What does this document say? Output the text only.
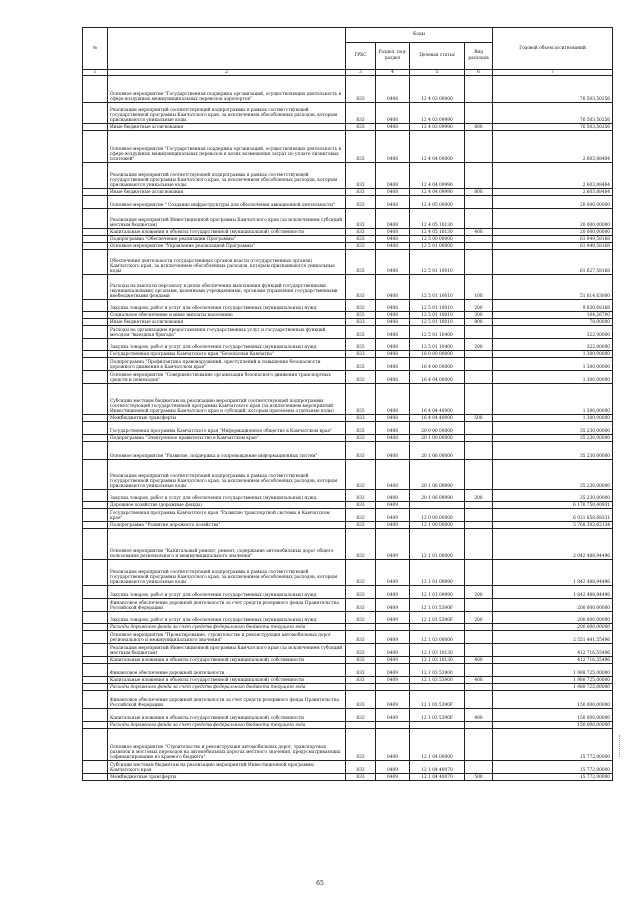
№		Коды				Годовой объем ассигнований
		ГРБС	Раздел, под-раздел	Целевая статья	Вид расходов	
1	2	3	4	5	6	7
	Основное мероприятие "Государственная поддержка организаций, осуществляющих деятельность в сфере воздушных межмуниципальных перевозок аэропортов"	833	0408	12 4 03 00000		76 503,50256
	Реализация мероприятий соответствующей подпрограммы в рамках соответствующей государственной программы Камчатского края, за исключением обособленных расходов, которым присваиваются уникальные коды	833	0408	12 4 03 09990		76 503,50256
	Иные бюджетные ассигнования	833	0408	12 4 03 09990	800	76 503,50256
	Основное мероприятие "Государственная поддержка организаций, осуществляющих деятельность в сфере воздушных межмуниципальных перевозок в целях возмещения затрат по уплате лизинговых платежей"	833	0408	12 4 04 00000		2 603,88484
	Реализация мероприятий соответствующей подпрограммы в рамках соответствующей государственной программы Камчатского края, за исключением обособленных расходов, которым присваиваются уникальные коды	833	0408	12 4 04 09990		2 603,88484
	Иные бюджетные ассигнования	833	0408	12 4 04 09990	800	2 603,88484
	Основное мероприятие " Создание инфраструктуры для обеспечения авиационной деятельности"	833	0408	12 4 05 00000		20 000,00000
	Реализация мероприятий Инвестиционной программы Камчатского края (за исключением субсидий местным бюджетам)	833	0408	12 4 05 10130		20 000,00000
	Капитальные вложения в объекты государственной (муниципальной) собственности	833	0408	12 4 05 10130	400	20 000,00000
	Подпрограмма "Обеспечение реализации Программы"	833	0408	12 5 00 00000		61 949,58168
	Основное мероприятие "Управление реализацией Программы"	833	0408	12 5 01 00000		61 949,58168
	Обеспечение деятельности государственных органов власти (государственных органов) Камчатского края, за исключением обособленных расходов, которым присваиваются уникальные коды	833	0408	12 5 01 10010		61 627,58168
	Расходы на выплаты персоналу в целях обеспечения выполнения функций государственными (муниципальными) органами, казенными учреждениями, органами управления государственными внебюджетными фондами	833	0408	12 5 01 10010	100	51 614,63000
	Закупка товаров, работ и услуг для обеспечения государственных (муниципальных) нужд	833	0408	12 5 01 10010	200	9 830,68168
	Социальное обеспечение и иные выплаты населению	833	0408	12 5 01 10010	300	104,26700
	Иные бюджетные ассигнования	833	0408	12 5 01 10010	800	78,00000
	Расходы на организацию предоставления государственных услуг и государственных функций методом "выездная бригада"	833	0408	12 5 01 10400		322,00000
	Закупка товаров, работ и услуг для обеспечения государственных (муниципальных) нужд	833	0408	12 5 01 10400	200	322,00000
	Государственная программа Камчатского края "Безопасная Камчатка"	833	0408	16 0 00 00000		1 300,00000
	Подпрограмма "Профилактика правонарушений, преступлений и повышение безопасности дорожного движения в Камчатском крае"	833	0408	16 4 00 00000		1 300,00000
	Основное мероприятие "Совершенствование организации безопасного движения транспортных средств и пешеходов"	833	0408	16 4 04 00000		1 300,00000
	Субсидии местным бюджетам на реализацию мероприятий соответствующей подпрограммы соответствующей государственной программы Камчатского края (за исключением мероприятий Инвестиционной программы Камчатского края и субсидий, которым присвоены отдельные коды)	833	0408	16 4 04 40000		1 300,00000
	Межбюджетные трансферты	833	0408	16 4 04 40000	500	1 300,00000
	Государственная программа Камчатского края "Информационное общество в Камчатском крае"	833	0408	20 0 00 00000		35 230,00000
	Подпрограмма "Электронное правительство в Камчатском крае"	833	0408	20 1 00 00000		35 230,00000
	Основное мероприятие "Развитие, поддержка и сопровождение информационных систем"	833	0408	20 1 06 00000		35 230,00000
	Реализация мероприятий соответствующей подпрограммы в рамках соответствующей государственной программы Камчатского края, за исключением обособленных расходов, которым присваиваются уникальные коды	833	0408	20 1 06 09990		35 230,00000
	Закупка товаров, работ и услуг для обеспечения государственных (муниципальных) нужд	833	0408	20 1 06 09990	200	35 230,00000
	Дорожное хозяйство (дорожные фонды)	833	0409			6 176 750,40931
	Государственная программа Камчатского края "Развитие транспортной системы в Камчатском крае"	833	0409	12 0 00 00000		6 031 858,68331
	Подпрограмма "Развитие дорожного хозяйства"	833	0409	12 1 00 00000		5 768 303,62134
	Основное мероприятие "Капитальный ремонт, ремонт, содержание автомобильных дорог общего пользования регионального и межмуниципального значения"	833	0409	12 1 01 00000		2 042 488,94496
	Реализация мероприятий соответствующей подпрограммы в рамках соответствующей государственной программы Камчатского края, за исключением обособленных расходов, которым присваиваются уникальные коды	833	0409	12 1 01 09990		1 842 488,94496
	Закупка товаров, работ и услуг для обеспечения государственных (муниципальных) нужд	833	0409	12 1 01 09990	200	1 842 488,94496
	Финансовое обеспечение дорожной деятельности за счет средств резервного фонда Правительства Российской Федерации	833	0409	12 1 01 5390F		200 000,00000
	Закупка товаров, работ и услуг для обеспечения государственных (муниципальных) нужд	833	0409	12 1 01 5390F	200	200 000,00000
	Расходы дорожного фонда за счет средств федерального бюджета текущего года					200 000,00000
	Основное мероприятие "Проектирование, строительство и реконструкция автомобильных дорог регионального и межмуниципального значения"	833	0409	12 1 03 00000		2 551 441,55496
	Реализация мероприятий Инвестиционной программы Камчатского края (за исключением субсидий местным бюджетам)	833	0409	12 1 03 10130		412 716,55496
	Капитальные вложения в объекты государственной (муниципальной) собственности	833	0409	12 1 03 10130	400	412 716,55496
	Финансовое обеспечение дорожной деятельности	833	0409	12 1 03 53900		1 988 725,00000
	Капитальные вложения в объекты государственной (муниципальной) собственности	833	0409	12 1 03 53900	400	1 988 725,00000
	Расходы дорожного фонда за счет средств федерального бюджета текущего года					1 988 725,00000
	Финансовое обеспечение дорожной деятельности за счет средств резервного фонда Правительства Российской Федерации	833	0409	12 1 03 5390F		150 000,00000
	Капитальные вложения в объекты государственной (муниципальной) собственности	833	0409	12 1 03 5390F	400	150 000,00000
	Расходы дорожного фонда за счет средств федерального бюджета текущего года					150 000,00000
	Основное мероприятие "Строительство и реконструкция автомобильных дорог, транспортных развязок и мостовых переходов на автомобильных дорогах местного значения, предусматривающих софинансирование из краевого бюджета"	833	0409	12 1 04 00000		15 772,00000
	Субсидии местным бюджетам на реализацию мероприятий Инвестиционной программы Камчатского края	833	0409	12 1 04 40070		15 772,00000
	Межбюджетные трансферты	833	0409	12 1 04 40070	500	15 772,00000
65
